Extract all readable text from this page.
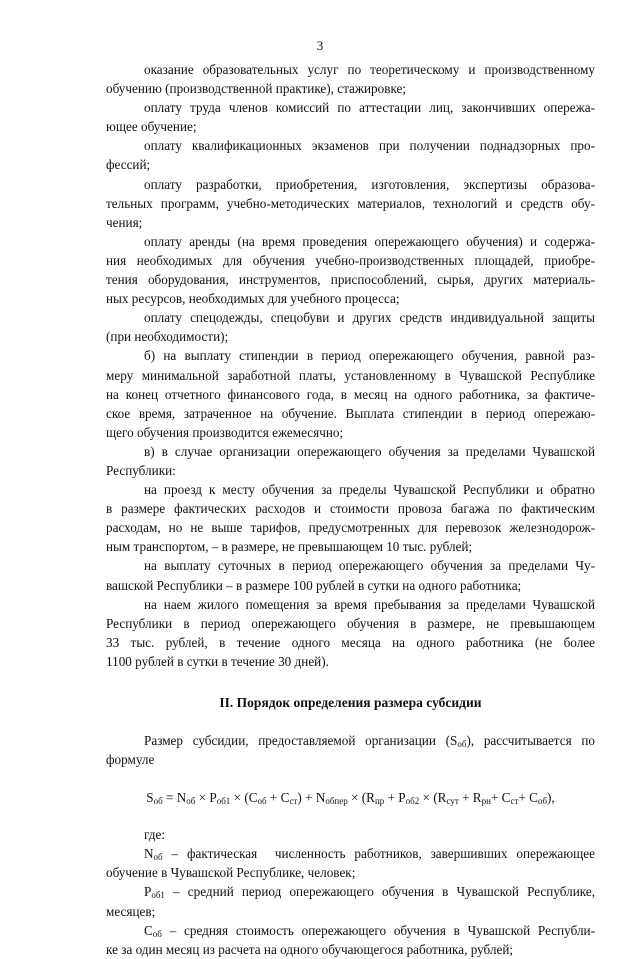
3
оказание образовательных услуг по теоретическому и производственному
обучению (производственной практике), стажировке;
оплату труда членов комиссий по аттестации лиц, закончивших опережа-
ющее обучение;
оплату квалификационных экзаменов при получении поднадзорных про-
фессий;
оплату разработки, приобретения, изготовления, экспертизы образова-
тельных программ, учебно-методических материалов, технологий и средств обу-
чения;
оплату аренды (на время проведения опережающего обучения) и содержа-
ния необходимых для обучения учебно-производственных площадей, приобре-
тения оборудования, инструментов, приспособлений, сырья, других материаль-
ных ресурсов, необходимых для учебного процесса;
оплату спецодежды, спецобуви и других средств индивидуальной защиты
(при необходимости);
б) на выплату стипендии в период опережающего обучения, равной раз-
меру минимальной заработной платы, установленному в Чувашской Республике
на конец отчетного финансового года, в месяц на одного работника, за фактиче-
ское время, затраченное на обучение. Выплата стипендии в период опережаю-
щего обучения производится ежемесячно;
в) в случае организации опережающего обучения за пределами Чувашской
Республики:
на проезд к месту обучения за пределы Чувашской Республики и обратно
в размере фактических расходов и стоимости провоза багажа по фактическим
расходам, но не выше тарифов, предусмотренных для перевозок железнодорож-
ным транспортом, – в размере, не превышающем 10 тыс. рублей;
на выплату суточных в период опережающего обучения за пределами Чу-
вашской Республики – в размере 100 рублей в сутки на одного работника;
на наем жилого помещения за время пребывания за пределами Чувашской
Республики в период опережающего обучения в размере, не превышающем
33 тыс. рублей, в течение одного месяца на одного работника (не более
1100 рублей в сутки в течение 30 дней).
II. Порядок определения размера субсидии
Размер субсидии, предоставляемой организации $(S_{об})$, рассчитывается по
формуле
$S_{об} = N_{об} \times P_{об1} \times (C_{об} + C_{ст}) + N_{обпер} \times (R_{пр} + P_{об2} \times (R_{сут} + R_{рн}+ C_{ст}+ C_{об})$,
где:
$N_{об}$ – фактическая  численность работников, завершивших опережающее
обучение в Чувашской Республике, человек;
$P_{об1}$ – средний период опережающего обучения в Чувашской Республике,
месяцев;
$C_{об}$ – средняя стоимость опережающего обучения в Чувашской Республи-
ке за один месяц из расчета на одного обучающегося работника, рублей;
